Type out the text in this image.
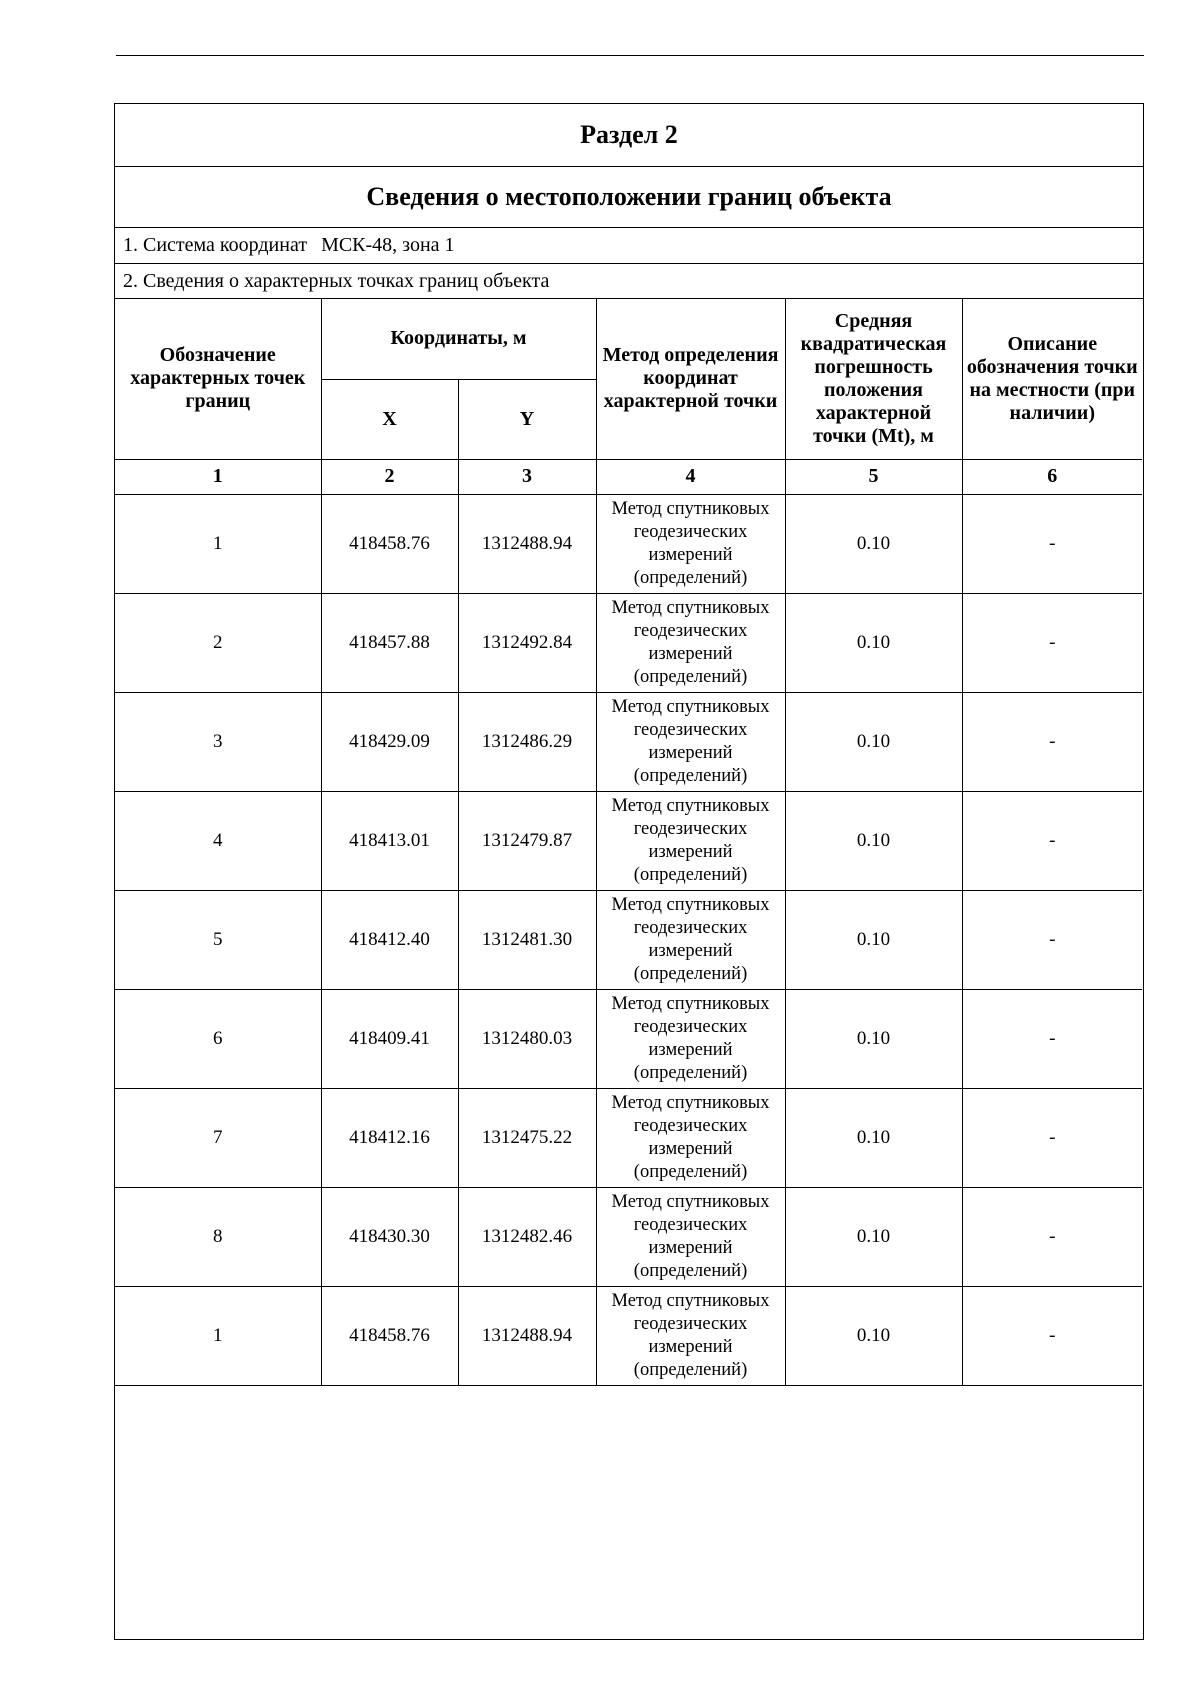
Раздел 2
Сведения о местоположении границ объекта
1. Система координат МСК-48, зона 1
2. Сведения о характерных точках границ объекта
Обозначение характерных точек границ	Координаты, м		Метод определения координат характерной точки	Средняя квадратическая погрешность положения характерной точки (Mt), м	Описание обозначения точки на местности (при наличии)
	X	Y			
1	2	3	4	5	6
1	418458.76	1312488.94	Метод спутниковых геодезических измерений (определений)	0.10	-
2	418457.88	1312492.84	Метод спутниковых геодезических измерений (определений)	0.10	-
3	418429.09	1312486.29	Метод спутниковых геодезических измерений (определений)	0.10	-
4	418413.01	1312479.87	Метод спутниковых геодезических измерений (определений)	0.10	-
5	418412.40	1312481.30	Метод спутниковых геодезических измерений (определений)	0.10	-
6	418409.41	1312480.03	Метод спутниковых геодезических измерений (определений)	0.10	-
7	418412.16	1312475.22	Метод спутниковых геодезических измерений (определений)	0.10	-
8	418430.30	1312482.46	Метод спутниковых геодезических измерений (определений)	0.10	-
1	418458.76	1312488.94	Метод спутниковых геодезических измерений (определений)	0.10	-
